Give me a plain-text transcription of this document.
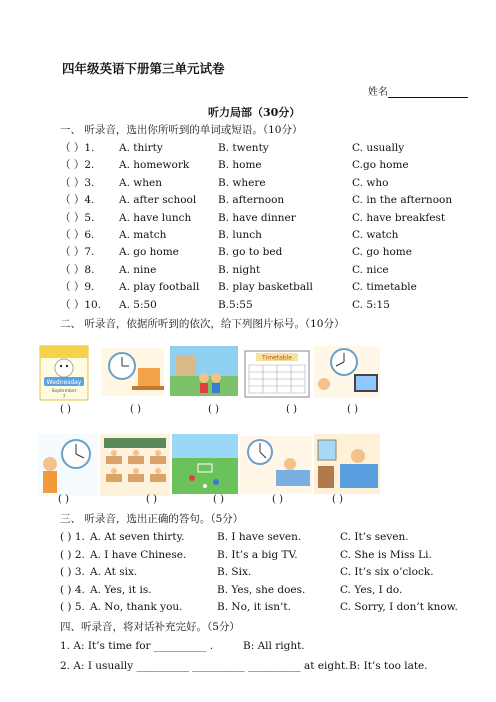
ˎ
四年级英语下册第三单元试卷
姓名
听力局部（30分）
一、 听录音，选出你所听到的单词或短语。（10分）
（ ）1. A. thirty	B. twenty	C. usually
（ ）2. A. homework	B. home	C.go home
（ ）3. A. when	B. where	C. who
（ ）4. A. after school B. afternoon	C. in the afternoon
（ ）5. A. have lunch	B. have dinner	C. have breakfest
（ ）6. A. match	B. lunch	C. watch
（ ）7. A. go home	B. go to bed	C. go home
（ ）8. A. nine	B. night	C. nice
（ ）9. A. play football B. play basketball	C. timetable
（ ）10. A. 5:50	B.5:55	C. 5:15
二、 听录音，依据所听到的依次，给下列图片标号。（10分）
Wednesday
September
7
Timetable
( )	( )	( )	( )	( )
( )	( )	( )	( )	( )
三、 听录音，选出正确的答句。（5分）
( ) 1. A. At seven thirty.	B. I have seven.	C. It’s seven.
( ) 2. A. I have Chinese.	B. It’s a big TV.	C. She is Miss Li.
( ) 3. A. At six.	B. Six.	C. It’s six o’clock.
( ) 4. A. Yes, it is.	B. Yes, she does.	C. Yes, I do.
( ) 5. A. No, thank you.	B. No, it isn’t.	C. Sorry, I don’t know.
四、听录音，将对话补充完好。（5分）
1. A: It’s time for __________ .	B: All right.
2. A: I usually __________ __________ __________ at eight. B: It’s too late.
